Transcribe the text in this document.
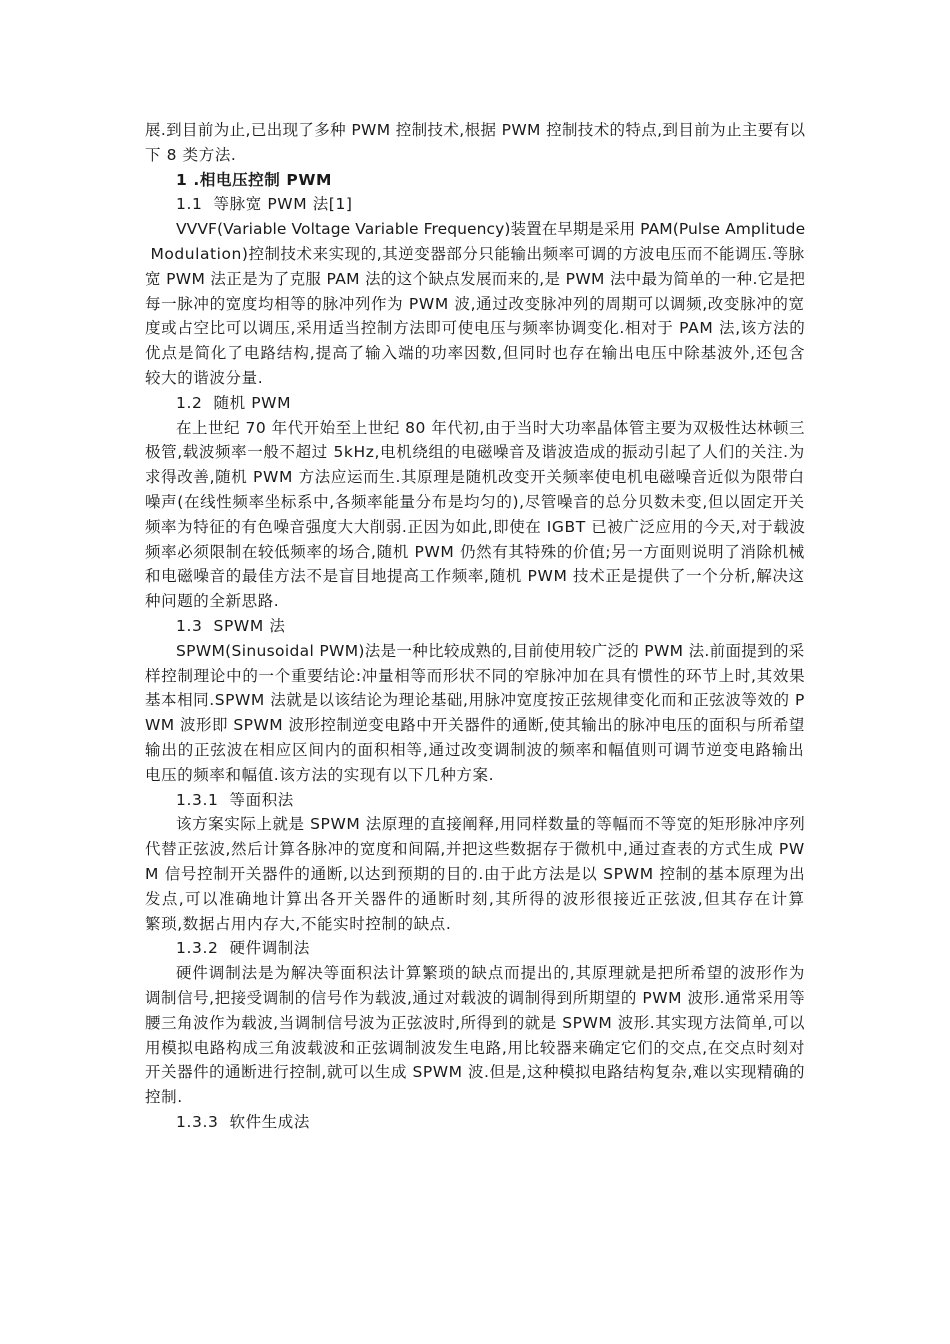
展.到目前为止,已出现了多种 PWM 控制技术,根据 PWM 控制技术的特点,到目前为止主要有以
下 8 类方法.
1 .相电压控制 PWM
1.1  等脉宽 PWM 法[1]
VVVF(Variable Voltage Variable Frequency)装置在早期是采用 PAM(Pulse Amplitude
Modulation)控制技术来实现的,其逆变器部分只能输出频率可调的方波电压而不能调压.等脉
宽 PWM 法正是为了克服 PAM 法的这个缺点发展而来的,是 PWM 法中最为简单的一种.它是把
每一脉冲的宽度均相等的脉冲列作为 PWM 波,通过改变脉冲列的周期可以调频,改变脉冲的宽
度或占空比可以调压,采用适当控制方法即可使电压与频率协调变化.相对于 PAM 法,该方法的
优点是简化了电路结构,提高了输入端的功率因数,但同时也存在输出电压中除基波外,还包含
较大的谐波分量.
1.2  随机 PWM
在上世纪 70 年代开始至上世纪 80 年代初,由于当时大功率晶体管主要为双极性达林顿三
极管,载波频率一般不超过 5kHz,电机绕组的电磁噪音及谐波造成的振动引起了人们的关注.为
求得改善,随机 PWM 方法应运而生.其原理是随机改变开关频率使电机电磁噪音近似为限带白
噪声(在线性频率坐标系中,各频率能量分布是均匀的),尽管噪音的总分贝数未变,但以固定开关
频率为特征的有色噪音强度大大削弱.正因为如此,即使在 IGBT 已被广泛应用的今天,对于载波
频率必须限制在较低频率的场合,随机 PWM 仍然有其特殊的价值;另一方面则说明了消除机械
和电磁噪音的最佳方法不是盲目地提高工作频率,随机 PWM 技术正是提供了一个分析,解决这
种问题的全新思路.
1.3  SPWM 法
SPWM(Sinusoidal PWM)法是一种比较成熟的,目前使用较广泛的 PWM 法.前面提到的采
样控制理论中的一个重要结论:冲量相等而形状不同的窄脉冲加在具有惯性的环节上时,其效果
基本相同.SPWM 法就是以该结论为理论基础,用脉冲宽度按正弦规律变化而和正弦波等效的 P
WM 波形即 SPWM 波形控制逆变电路中开关器件的通断,使其输出的脉冲电压的面积与所希望
输出的正弦波在相应区间内的面积相等,通过改变调制波的频率和幅值则可调节逆变电路输出
电压的频率和幅值.该方法的实现有以下几种方案.
1.3.1  等面积法
该方案实际上就是 SPWM 法原理的直接阐释,用同样数量的等幅而不等宽的矩形脉冲序列
代替正弦波,然后计算各脉冲的宽度和间隔,并把这些数据存于微机中,通过查表的方式生成 PW
M 信号控制开关器件的通断,以达到预期的目的.由于此方法是以 SPWM 控制的基本原理为出
发点,可以准确地计算出各开关器件的通断时刻,其所得的波形很接近正弦波,但其存在计算
繁琐,数据占用内存大,不能实时控制的缺点.
1.3.2  硬件调制法
硬件调制法是为解决等面积法计算繁琐的缺点而提出的,其原理就是把所希望的波形作为
调制信号,把接受调制的信号作为载波,通过对载波的调制得到所期望的 PWM 波形.通常采用等
腰三角波作为载波,当调制信号波为正弦波时,所得到的就是 SPWM 波形.其实现方法简单,可以
用模拟电路构成三角波载波和正弦调制波发生电路,用比较器来确定它们的交点,在交点时刻对
开关器件的通断进行控制,就可以生成 SPWM 波.但是,这种模拟电路结构复杂,难以实现精确的
控制.
1.3.3  软件生成法
